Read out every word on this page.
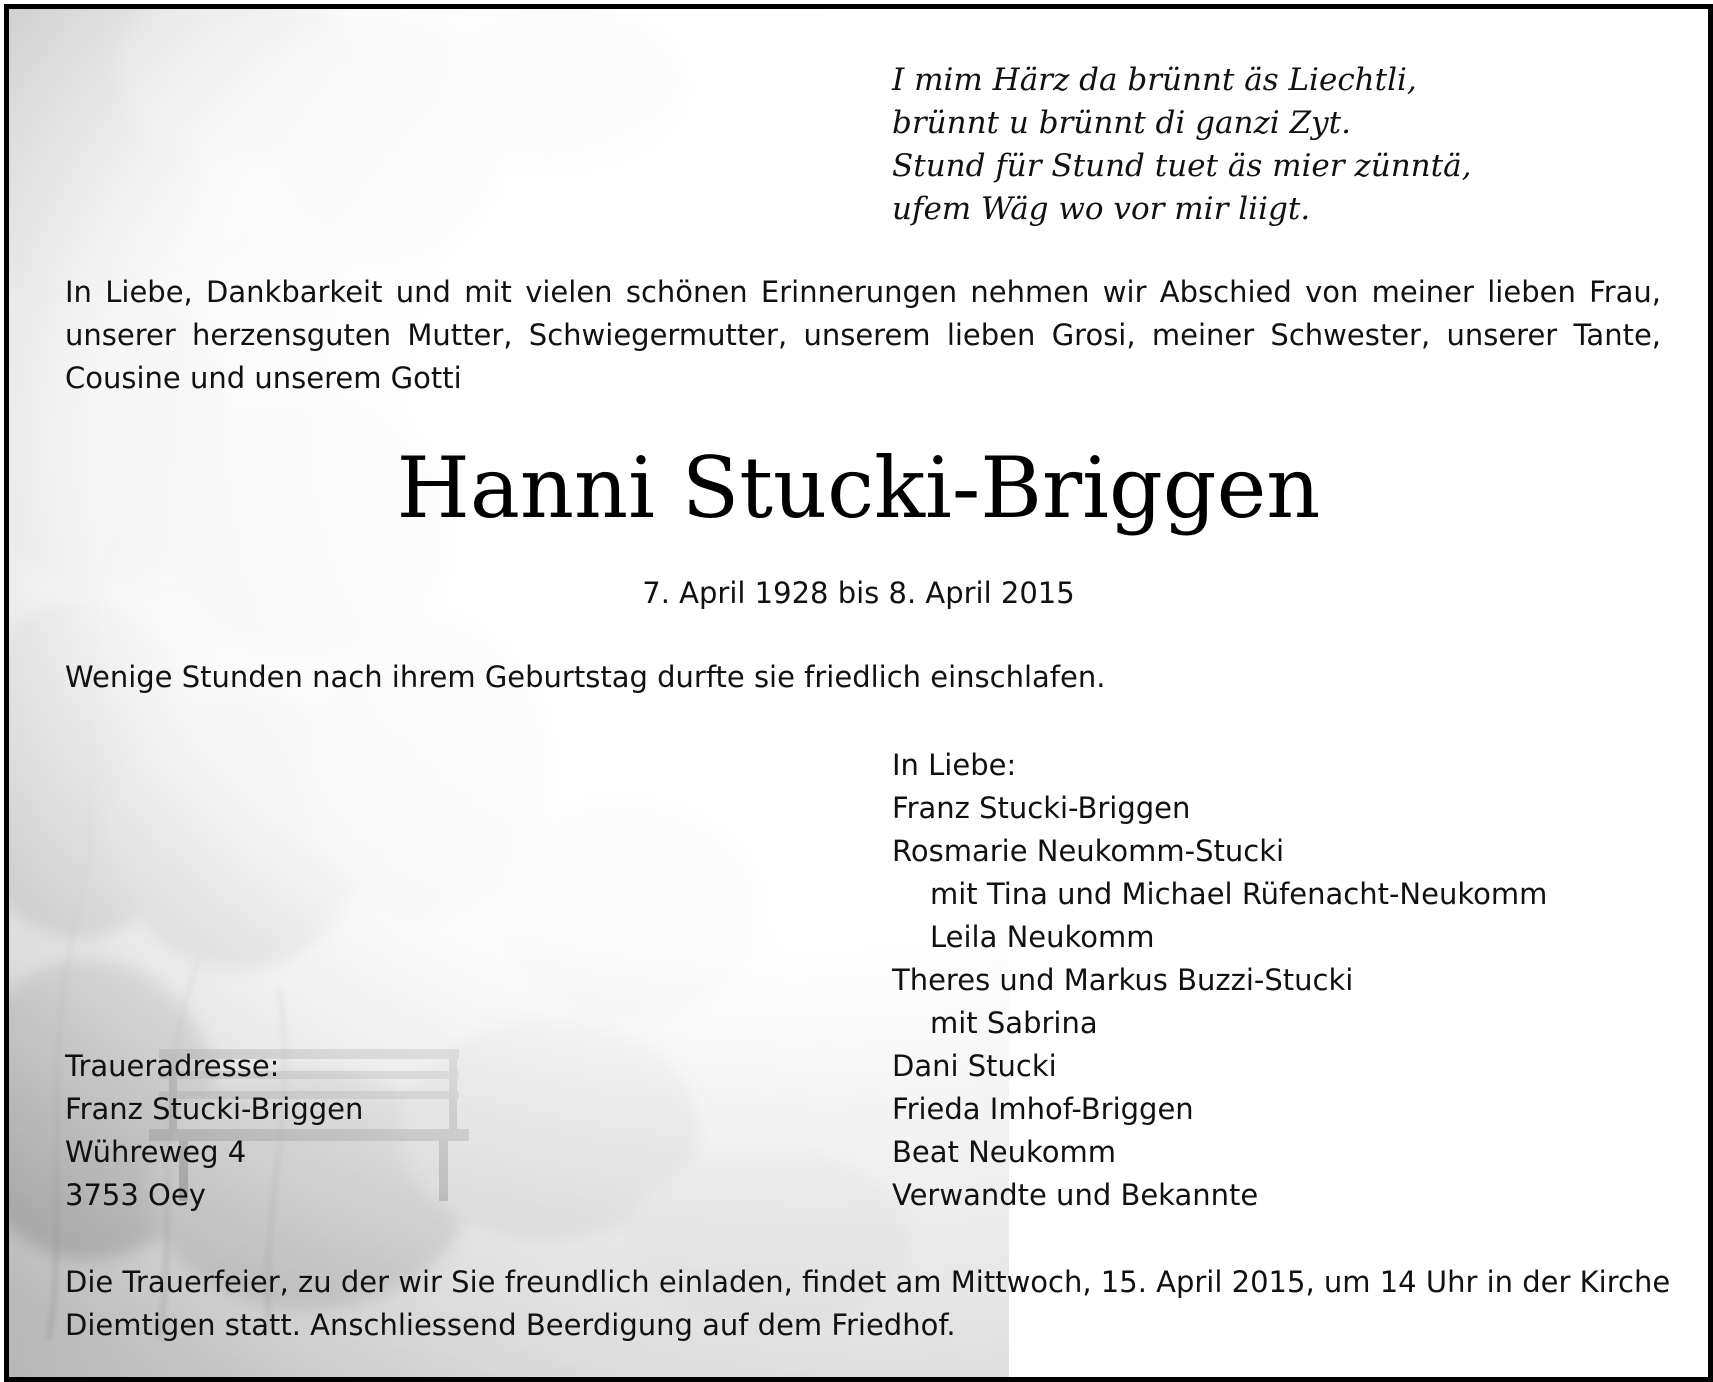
I mim Härz da brünnt äs Liechtli,
brünnt u brünnt di ganzi Zyt.
Stund für Stund tuet äs mier zünntä,
ufem Wäg wo vor mir liigt.
In Liebe, Dankbarkeit und mit vielen schönen Erinnerungen nehmen wir Abschied von meiner lieben Frau, unserer herzensguten Mutter, Schwiegermutter, unserem lieben Grosi, meiner Schwester, unserer Tante, Cousine und unserem Gotti
Hanni Stucki-Briggen
7. April 1928 bis 8. April 2015
Wenige Stunden nach ihrem Geburtstag durfte sie friedlich einschlafen.
In Liebe:
Franz Stucki-Briggen
Rosmarie Neukomm-Stucki
mit Tina und Michael Rüfenacht-Neukomm
Leila Neukomm
Theres und Markus Buzzi-Stucki
mit Sabrina
Dani Stucki
Frieda Imhof-Briggen
Beat Neukomm
Verwandte und Bekannte
Traueradresse:
Franz Stucki-Briggen
Wühreweg 4
3753 Oey
Die Trauerfeier, zu der wir Sie freundlich einladen, findet am Mittwoch, 15. April 2015, um 14 Uhr in der Kirche
Diemtigen statt. Anschliessend Beerdigung auf dem Friedhof.
